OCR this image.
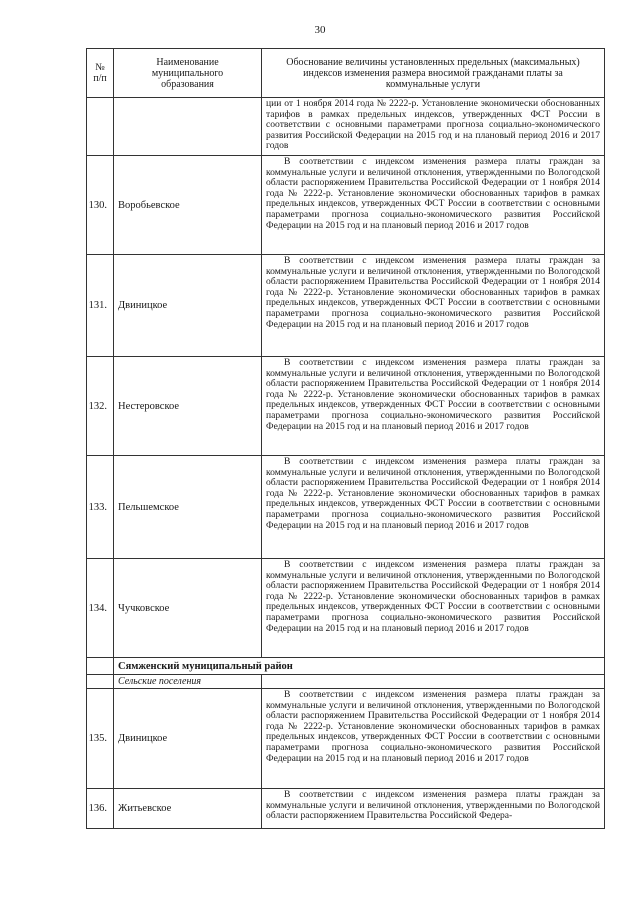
30
№
п/п	Наименование
муниципального
образования	Обоснование величины установленных предельных (максимальных)
индексов изменения размера вносимой гражданами платы за
коммунальные услуги
		ции от 1 ноября 2014 года № 2222-р. Установление экономически обоснованных тарифов в рамках предельных индексов, утвержденных ФСТ России в соответствии с основными параметрами прогноза социально-экономического развития Российской Федерации на 2015 год и на плановый период 2016 и 2017 годов
130.	Воробьевское	В соответствии с индексом изменения размера платы граждан за коммунальные услуги и величиной отклонения, утвержденными по Вологодской области распоряжением Правительства Российской Федерации от 1 ноября 2014 года № 2222-р. Установление экономически обоснованных тарифов в рамках предельных индексов, утвержденных ФСТ России в соответствии с основными параметрами прогноза социально-экономического развития Российской Федерации на 2015 год и на плановый период 2016 и 2017 годов
131.	Двиницкое	В соответствии с индексом изменения размера платы граждан за коммунальные услуги и величиной отклонения, утвержденными по Вологодской области распоряжением Правительства Российской Федерации от 1 ноября 2014 года № 2222-р. Установление экономически обоснованных тарифов в рамках предельных индексов, утвержденных ФСТ России в соответствии с основными параметрами прогноза социально-экономического развития Российской Федерации на 2015 год и на плановый период 2016 и 2017 годов
132.	Нестеровское	В соответствии с индексом изменения размера платы граждан за коммунальные услуги и величиной отклонения, утвержденными по Вологодской области распоряжением Правительства Российской Федерации от 1 ноября 2014 года № 2222-р. Установление экономически обоснованных тарифов в рамках предельных индексов, утвержденных ФСТ России в соответствии с основными параметрами прогноза социально-экономического развития Российской Федерации на 2015 год и на плановый период 2016 и 2017 годов
133.	Пельшемское	В соответствии с индексом изменения размера платы граждан за коммунальные услуги и величиной отклонения, утвержденными по Вологодской области распоряжением Правительства Российской Федерации от 1 ноября 2014 года № 2222-р. Установление экономически обоснованных тарифов в рамках предельных индексов, утвержденных ФСТ России в соответствии с основными параметрами прогноза социально-экономического развития Российской Федерации на 2015 год и на плановый период 2016 и 2017 годов
134.	Чучковское	В соответствии с индексом изменения размера платы граждан за коммунальные услуги и величиной отклонения, утвержденными по Вологодской области распоряжением Правительства Российской Федерации от 1 ноября 2014 года № 2222-р. Установление экономически обоснованных тарифов в рамках предельных индексов, утвержденных ФСТ России в соответствии с основными параметрами прогноза социально-экономического развития Российской Федерации на 2015 год и на плановый период 2016 и 2017 годов
	Сямженский муниципальный район	
	Сельские поселения	
135.	Двиницкое	В соответствии с индексом изменения размера платы граждан за коммунальные услуги и величиной отклонения, утвержденными по Вологодской области распоряжением Правительства Российской Федерации от 1 ноября 2014 года № 2222-р. Установление экономически обоснованных тарифов в рамках предельных индексов, утвержденных ФСТ России в соответствии с основными параметрами прогноза социально-экономического развития Российской Федерации на 2015 год и на плановый период 2016 и 2017 годов
136.	Житьевское	В соответствии с индексом изменения размера платы граждан за коммунальные услуги и величиной отклонения, утвержденными по Вологодской области распоряжением Правительства Российской Федера-
